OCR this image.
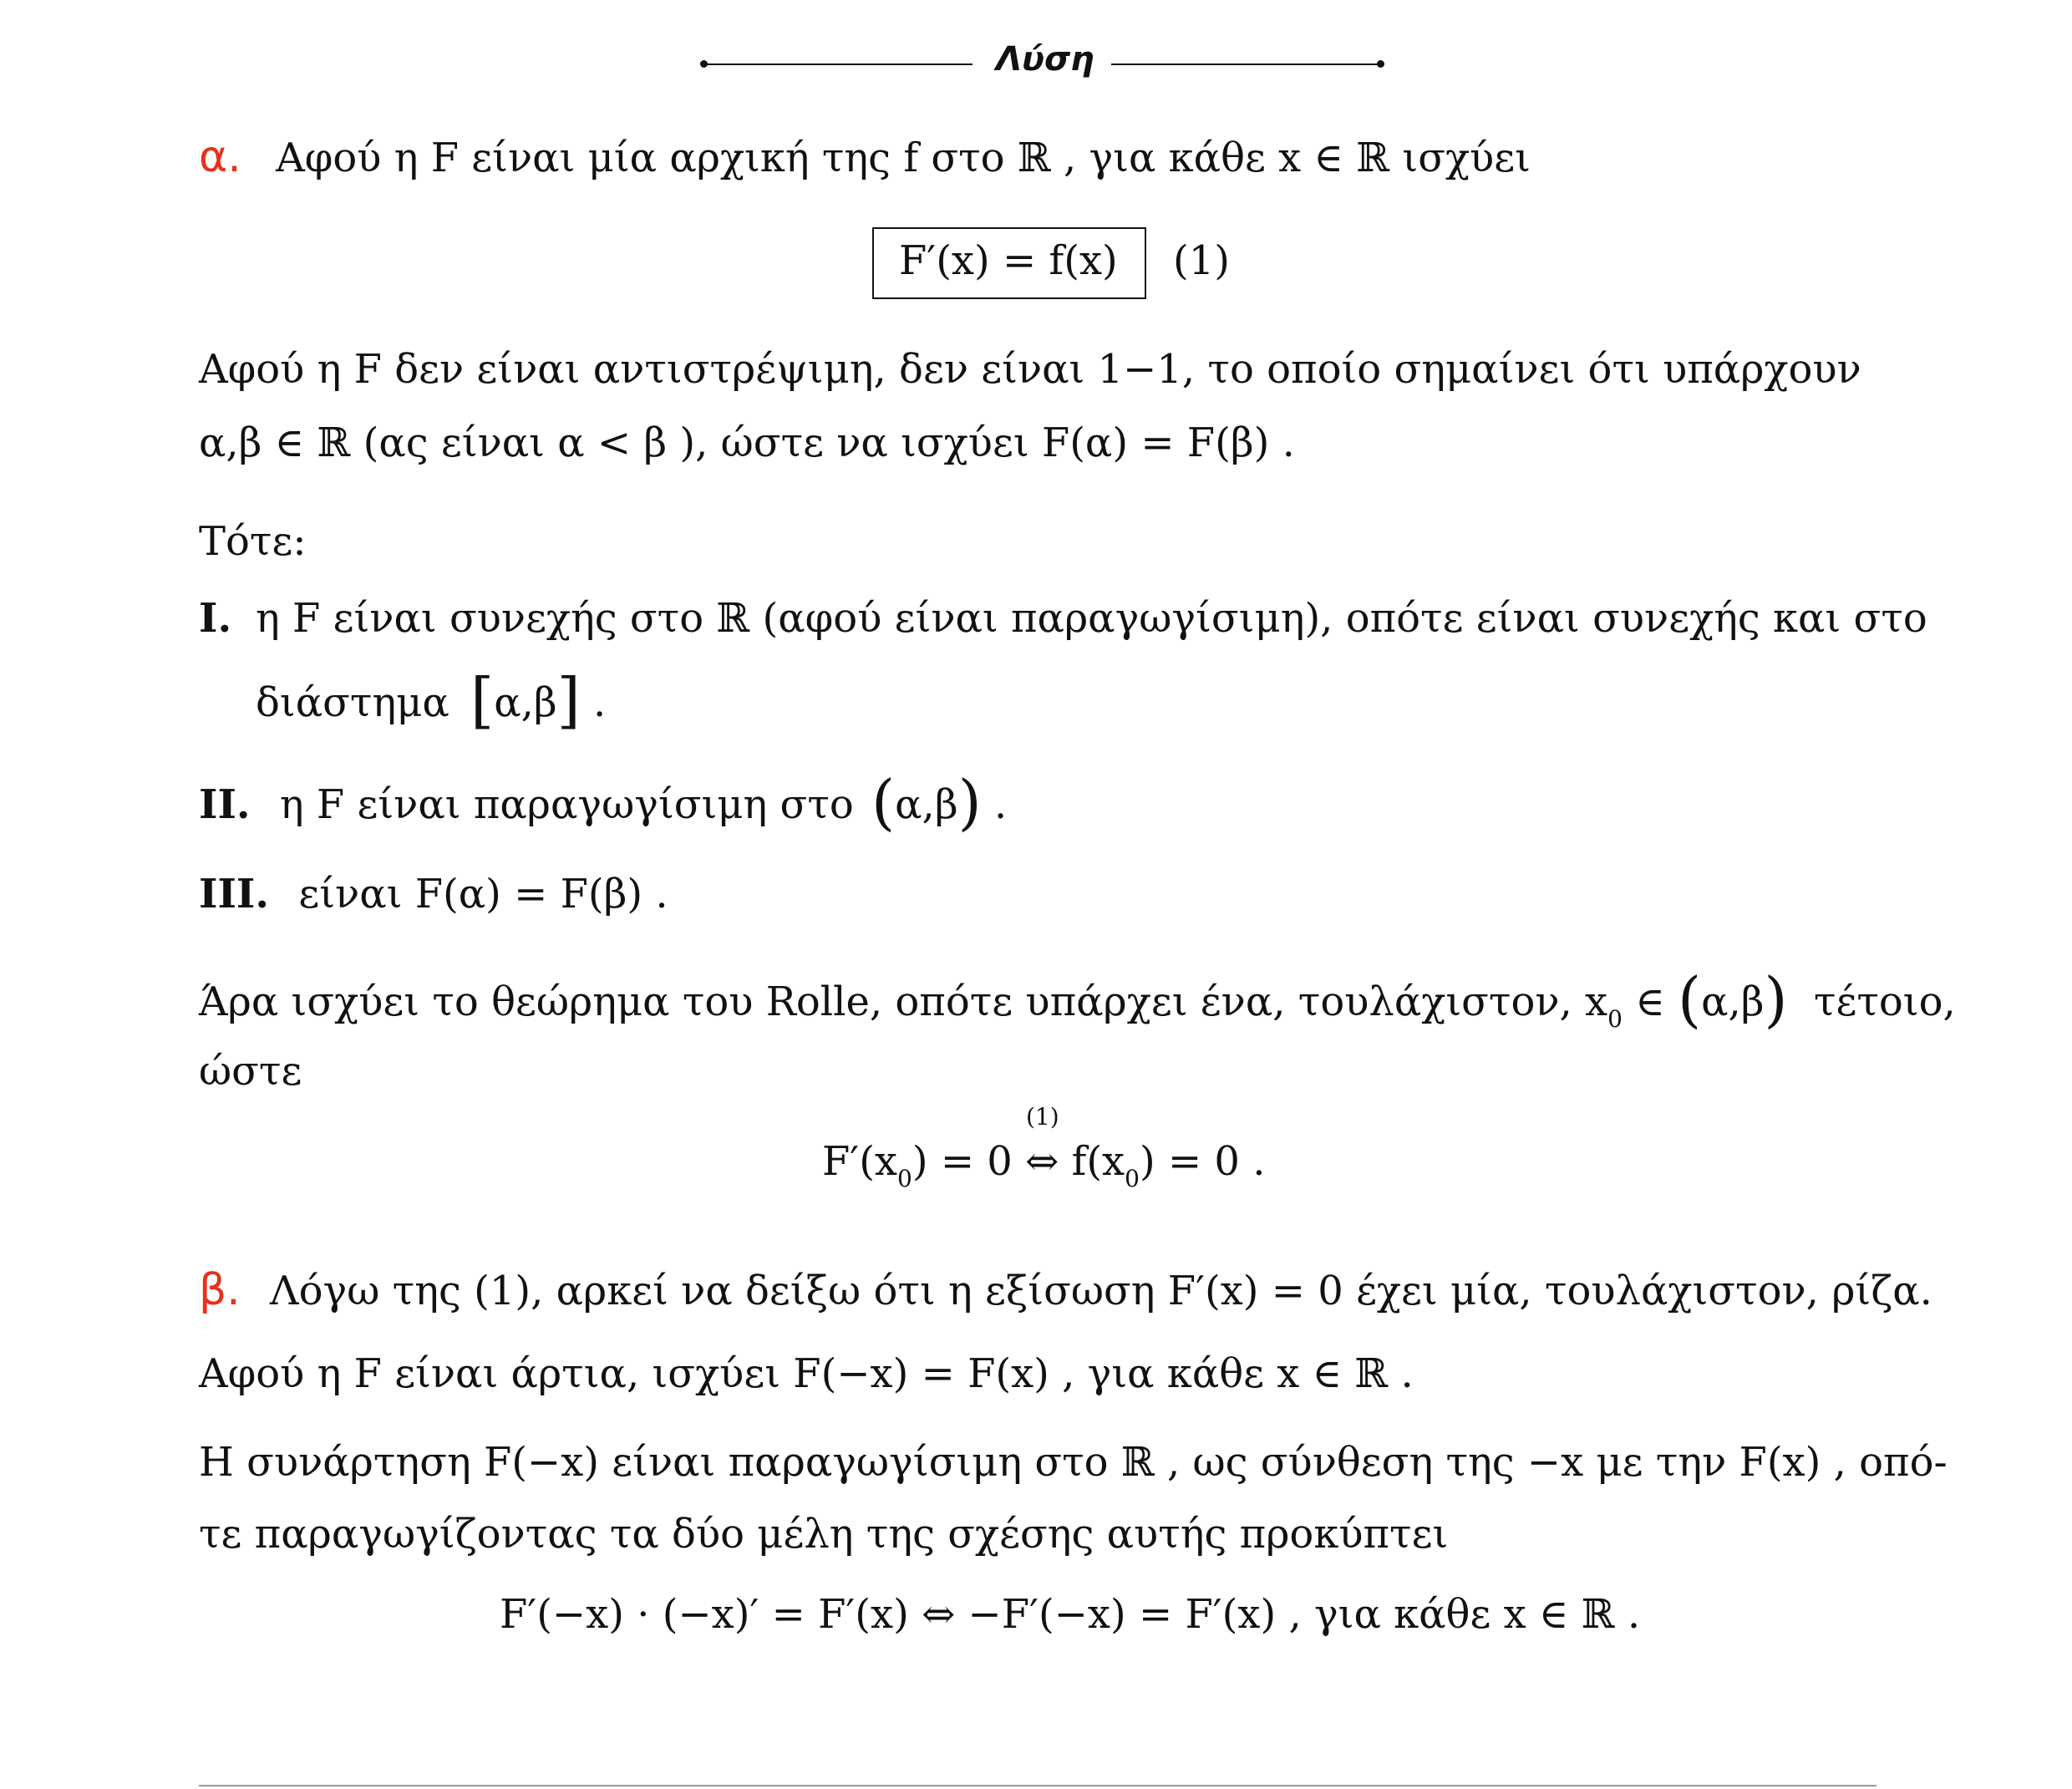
Λύση
α. Αφού η F είναι μία αρχική της f στο ℝ , για κάθε x ∈ ℝ ισχύει
F′(x) = f(x) (1)
Αφού η F δεν είναι αντιστρέψιμη, δεν είναι 1−1, το οποίο σημαίνει ότι υπάρχουν
α,β ∈ ℝ (ας είναι α < β ), ώστε να ισχύει F(α) = F(β) .
Τότε:
I. η F είναι συνεχής στο ℝ (αφού είναι παραγωγίσιμη), οπότε είναι συνεχής και στο
διάστημα [α,β] .
II. η F είναι παραγωγίσιμη στο (α,β) .
III. είναι F(α) = F(β) .
Άρα ισχύει το θεώρημα του Rolle, οπότε υπάρχει ένα, τουλάχιστον, $x_0$ ∈ (α,β) τέτοιο,
ώστε
$F'(x_0) = 0$ ⇔ $f(x_0) = 0$ .
(1)
β. Λόγω της (1), αρκεί να δείξω ότι η εξίσωση F′(x) = 0 έχει μία, τουλάχιστον, ρίζα.
Αφού η F είναι άρτια, ισχύει F(−x) = F(x) , για κάθε x ∈ ℝ .
Η συνάρτηση F(−x) είναι παραγωγίσιμη στο ℝ , ως σύνθεση της −x με την F(x) , οπό-
τε παραγωγίζοντας τα δύο μέλη της σχέσης αυτής προκύπτει
F′(−x) · (−x)′ = F′(x) ⇔ −F′(−x) = F′(x) , για κάθε x ∈ ℝ .
